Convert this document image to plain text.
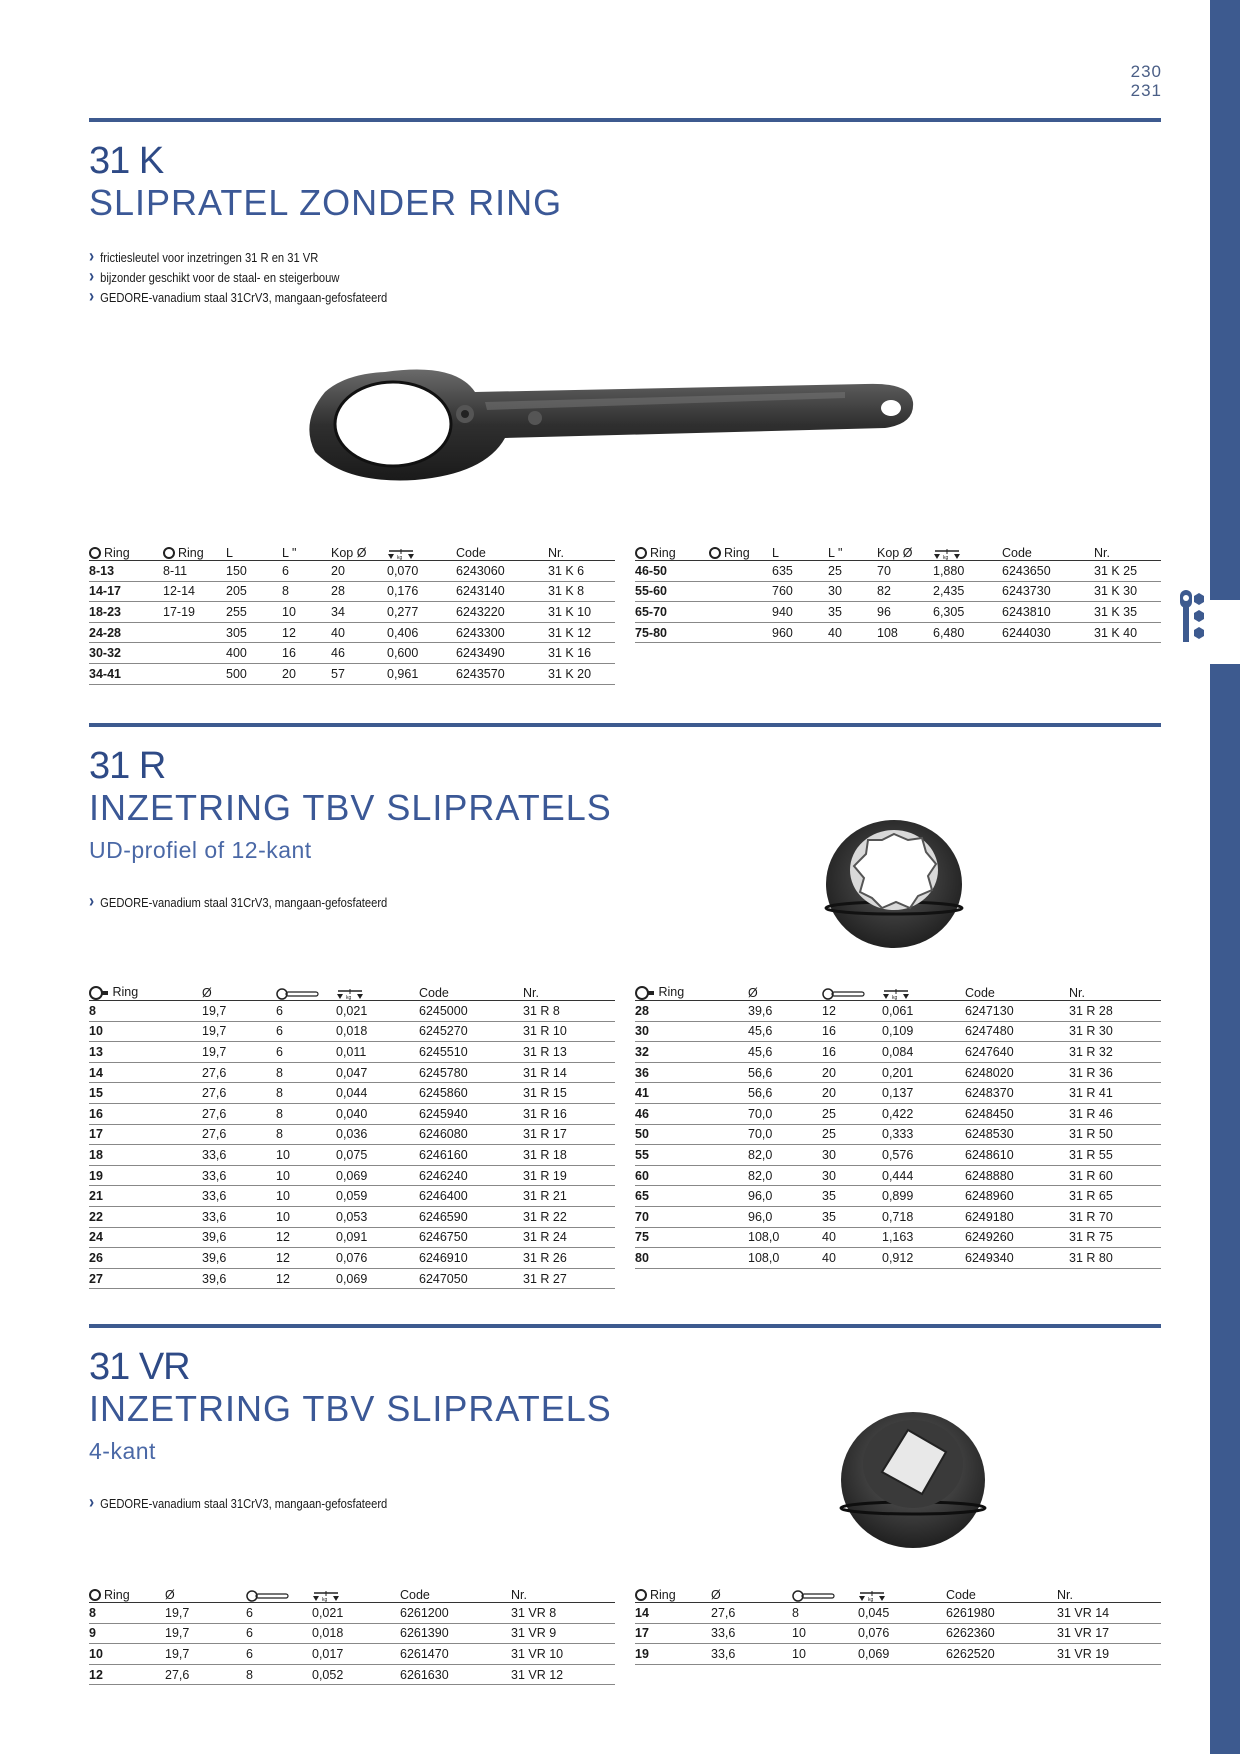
230
231
31 K
SLIPRATEL ZONDER RING
› frictiesleutel voor inzetringen 31 R en 31 VR
› bijzonder geschikt voor de staal- en steigerbouw
› GEDORE-vanadium staal 31CrV3, mangaan-gefosfateerd
Ring	Ring	L	L "	Kop Ø	kg	Code	Nr.
8-13	8-11	150	6	20	0,070	6243060	31 K 6
14-17	12-14	205	8	28	0,176	6243140	31 K 8
18-23	17-19	255	10	34	0,277	6243220	31 K 10
24-28		305	12	40	0,406	6243300	31 K 12
30-32		400	16	46	0,600	6243490	31 K 16
34-41		500	20	57	0,961	6243570	31 K 20
Ring	Ring	L	L "	Kop Ø	kg	Code	Nr.
46-50		635	25	70	1,880	6243650	31 K 25
55-60		760	30	82	2,435	6243730	31 K 30
65-70		940	35	96	6,305	6243810	31 K 35
75-80		960	40	108	6,480	6244030	31 K 40
31 R
INZETRING TBV SLIPRATELS
UD-profiel of 12-kant
› GEDORE-vanadium staal 31CrV3, mangaan-gefosfateerd
Ring	Ø		kg	Code	Nr.
8	19,7	6	0,021	6245000	31 R 8
10	19,7	6	0,018	6245270	31 R 10
13	19,7	6	0,011	6245510	31 R 13
14	27,6	8	0,047	6245780	31 R 14
15	27,6	8	0,044	6245860	31 R 15
16	27,6	8	0,040	6245940	31 R 16
17	27,6	8	0,036	6246080	31 R 17
18	33,6	10	0,075	6246160	31 R 18
19	33,6	10	0,069	6246240	31 R 19
21	33,6	10	0,059	6246400	31 R 21
22	33,6	10	0,053	6246590	31 R 22
24	39,6	12	0,091	6246750	31 R 24
26	39,6	12	0,076	6246910	31 R 26
27	39,6	12	0,069	6247050	31 R 27
Ring	Ø		kg	Code	Nr.
28	39,6	12	0,061	6247130	31 R 28
30	45,6	16	0,109	6247480	31 R 30
32	45,6	16	0,084	6247640	31 R 32
36	56,6	20	0,201	6248020	31 R 36
41	56,6	20	0,137	6248370	31 R 41
46	70,0	25	0,422	6248450	31 R 46
50	70,0	25	0,333	6248530	31 R 50
55	82,0	30	0,576	6248610	31 R 55
60	82,0	30	0,444	6248880	31 R 60
65	96,0	35	0,899	6248960	31 R 65
70	96,0	35	0,718	6249180	31 R 70
75	108,0	40	1,163	6249260	31 R 75
80	108,0	40	0,912	6249340	31 R 80
31 VR
INZETRING TBV SLIPRATELS
4-kant
› GEDORE-vanadium staal 31CrV3, mangaan-gefosfateerd
Ring	Ø		kg	Code	Nr.
8	19,7	6	0,021	6261200	31 VR 8
9	19,7	6	0,018	6261390	31 VR 9
10	19,7	6	0,017	6261470	31 VR 10
12	27,6	8	0,052	6261630	31 VR 12
Ring	Ø		kg	Code	Nr.
14	27,6	8	0,045	6261980	31 VR 14
17	33,6	10	0,076	6262360	31 VR 17
19	33,6	10	0,069	6262520	31 VR 19
